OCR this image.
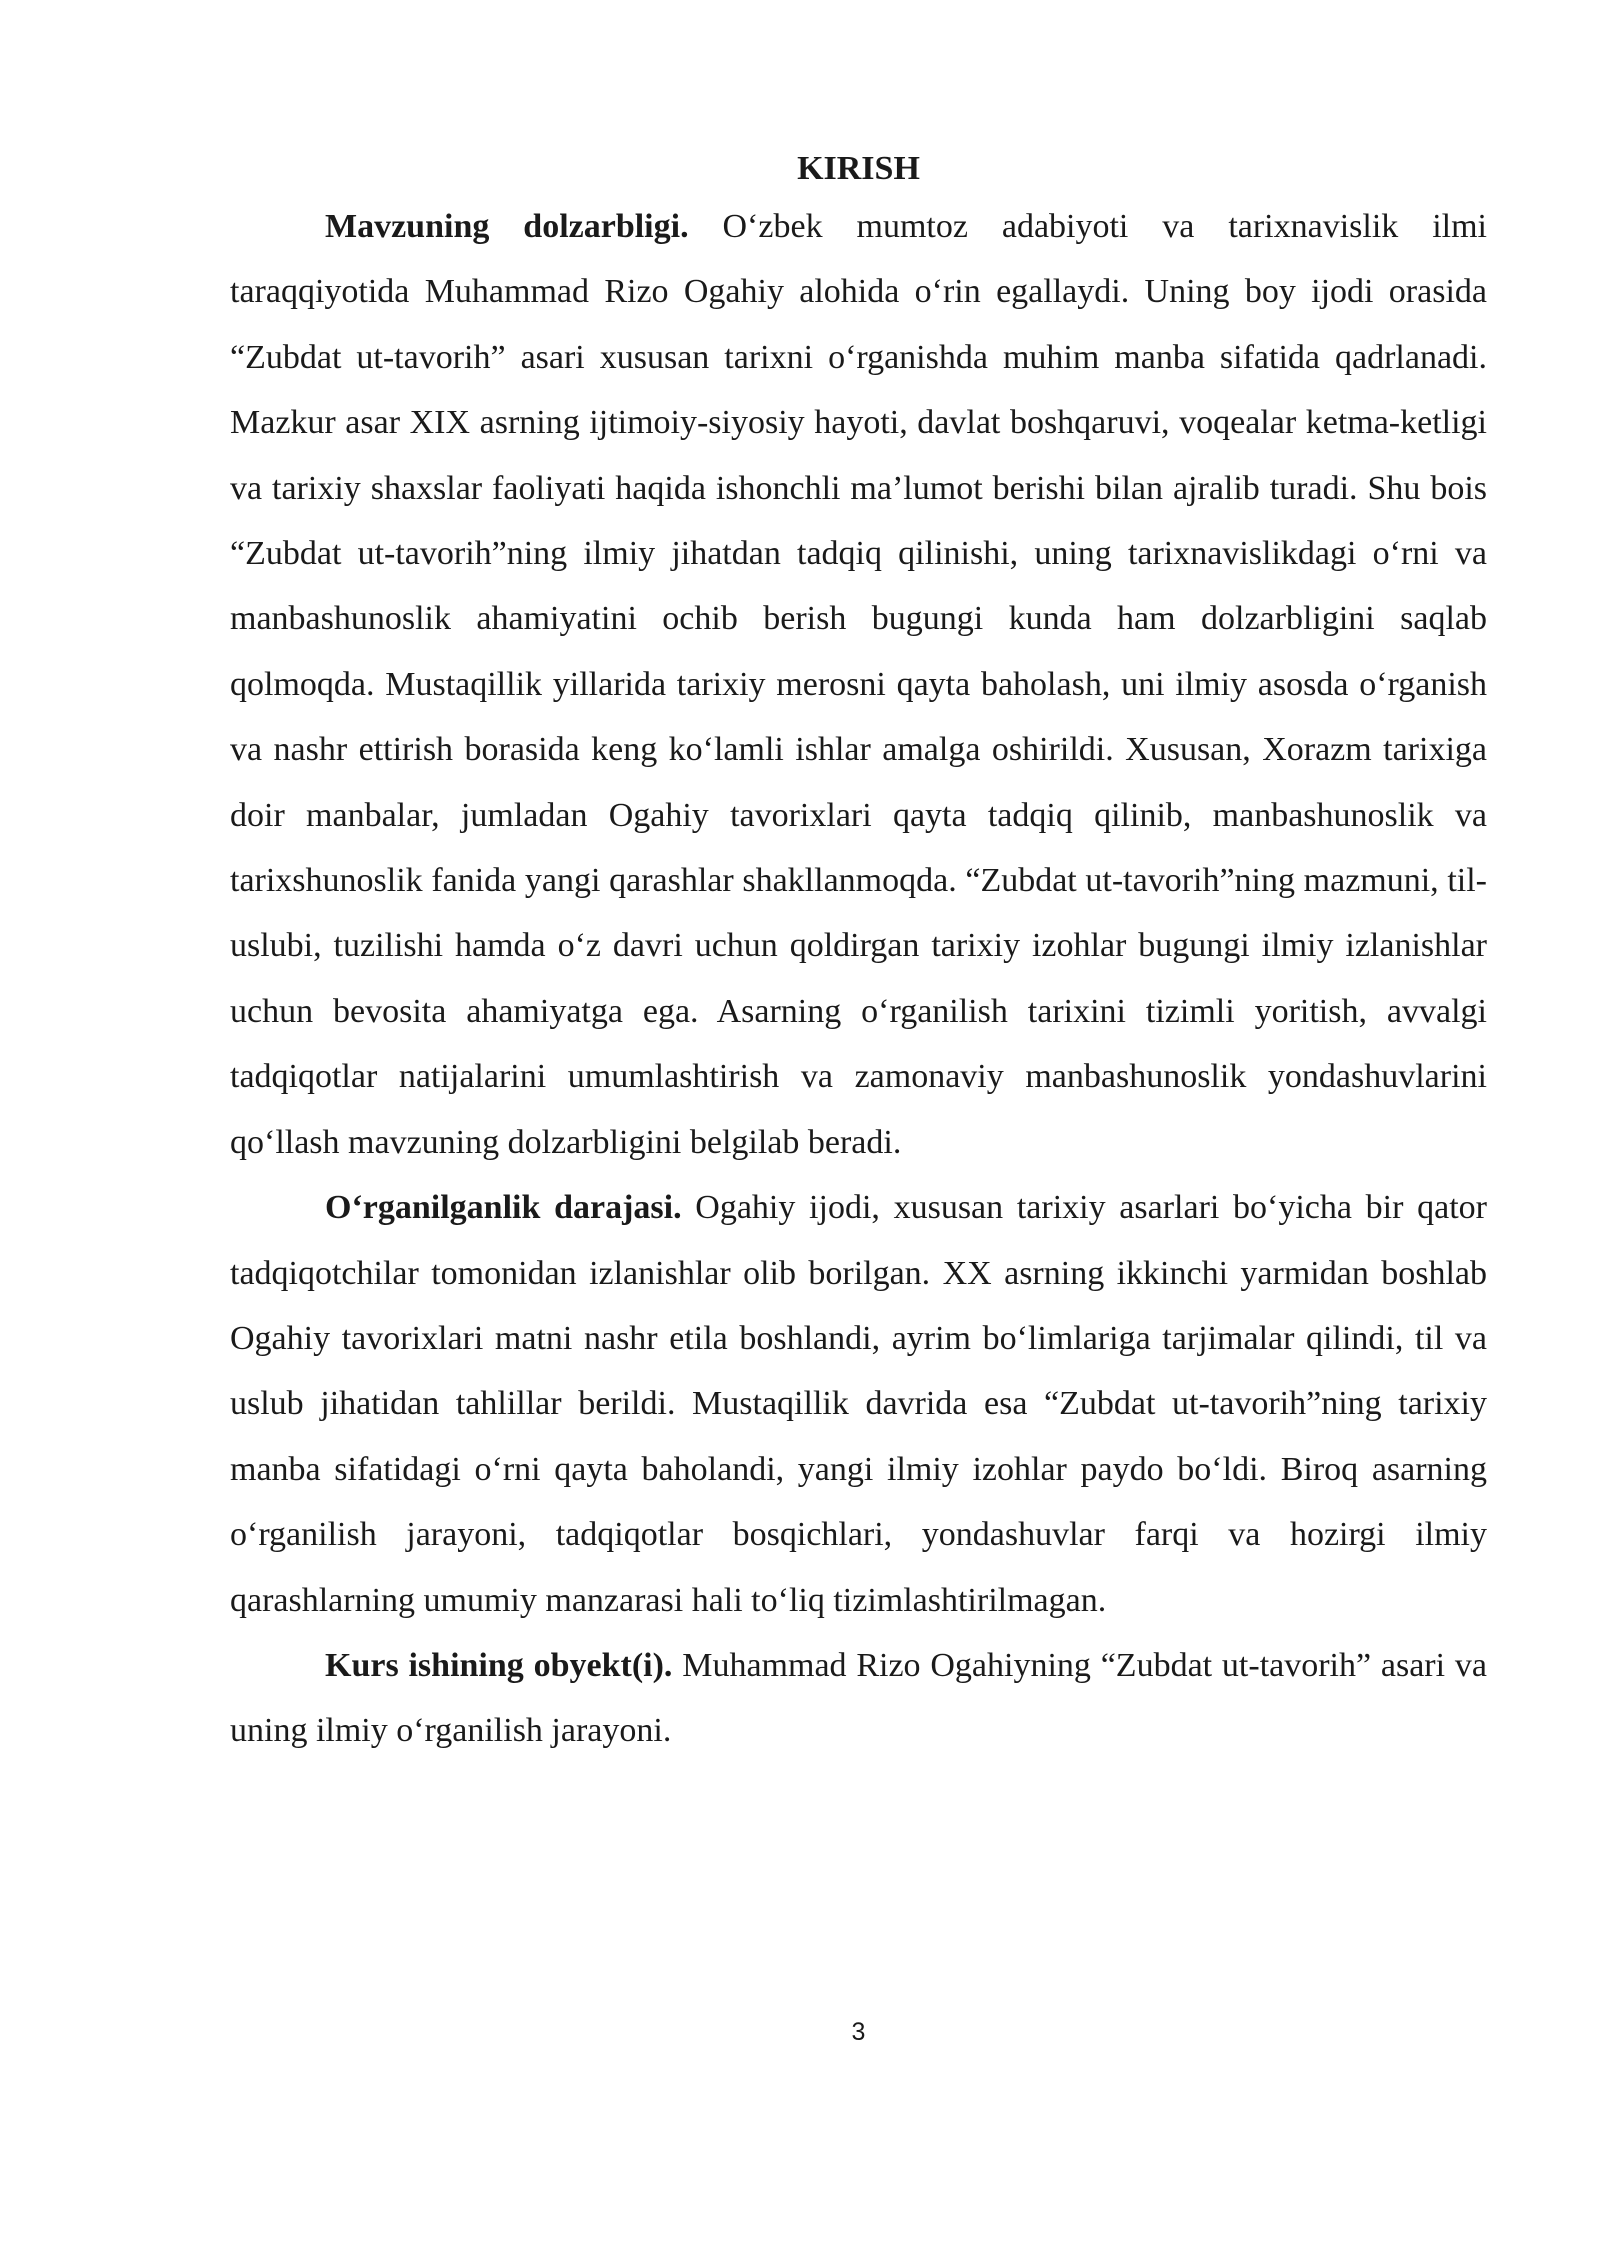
KIRISH

Mavzuning dolzarbligi. O‘zbek mumtoz adabiyoti va tarixnavislik ilmi taraqqiyotida Muhammad Rizo Ogahiy alohida o‘rin egallaydi. Uning boy ijodi orasida “Zubdat ut-tavorih” asari xususan tarixni o‘rganishda muhim manba sifatida qadrlanadi. Mazkur asar XIX asrning ijtimoiy-siyosiy hayoti, davlat boshqaruvi, voqealar ketma-ketligi va tarixiy shaxslar faoliyati haqida ishonchli ma’lumot berishi bilan ajralib turadi. Shu bois “Zubdat ut-tavorih”ning ilmiy jihatdan tadqiq qilinishi, uning tarixnavislikdagi o‘rni va manbashunoslik ahamiyatini ochib berish bugungi kunda ham dolzarbligini saqlab qolmoqda. Mustaqillik yillarida tarixiy merosni qayta baholash, uni ilmiy asosda o‘rganish va nashr ettirish borasida keng ko‘lamli ishlar amalga oshirildi. Xususan, Xorazm tarixiga doir manbalar, jumladan Ogahiy tavorixlari qayta tadqiq qilinib, manbashunoslik va tarixshunoslik fanida yangi qarashlar shakllanmoqda. “Zubdat ut-tavorih”ning mazmuni, til-uslubi, tuzilishi hamda o‘z davri uchun qoldirgan tarixiy izohlar bugungi ilmiy izlanishlar uchun bevosita ahamiyatga ega. Asarning o‘rganilish tarixini tizimli yoritish, avvalgi tadqiqotlar natijalarini umumlashtirish va zamonaviy manbashunoslik yondashuvlarini qo‘llash mavzuning dolzarbligini belgilab beradi.

O‘rganilganlik darajasi. Ogahiy ijodi, xususan tarixiy asarlari bo‘yicha bir qator tadqiqotchilar tomonidan izlanishlar olib borilgan. XX asrning ikkinchi yarmidan boshlab Ogahiy tavorixlari matni nashr etila boshlandi, ayrim bo‘limlariga tarjimalar qilindi, til va uslub jihatidan tahlillar berildi. Mustaqillik davrida esa “Zubdat ut-tavorih”ning tarixiy manba sifatidagi o‘rni qayta baholandi, yangi ilmiy izohlar paydo bo‘ldi. Biroq asarning o‘rganilish jarayoni, tadqiqotlar bosqichlari, yondashuvlar farqi va hozirgi ilmiy qarashlarning umumiy manzarasi hali to‘liq tizimlashtirilmagan.

Kurs ishining obyekt(i). Muhammad Rizo Ogahiyning “Zubdat ut-tavorih” asari va uning ilmiy o‘rganilish jarayoni.

3
